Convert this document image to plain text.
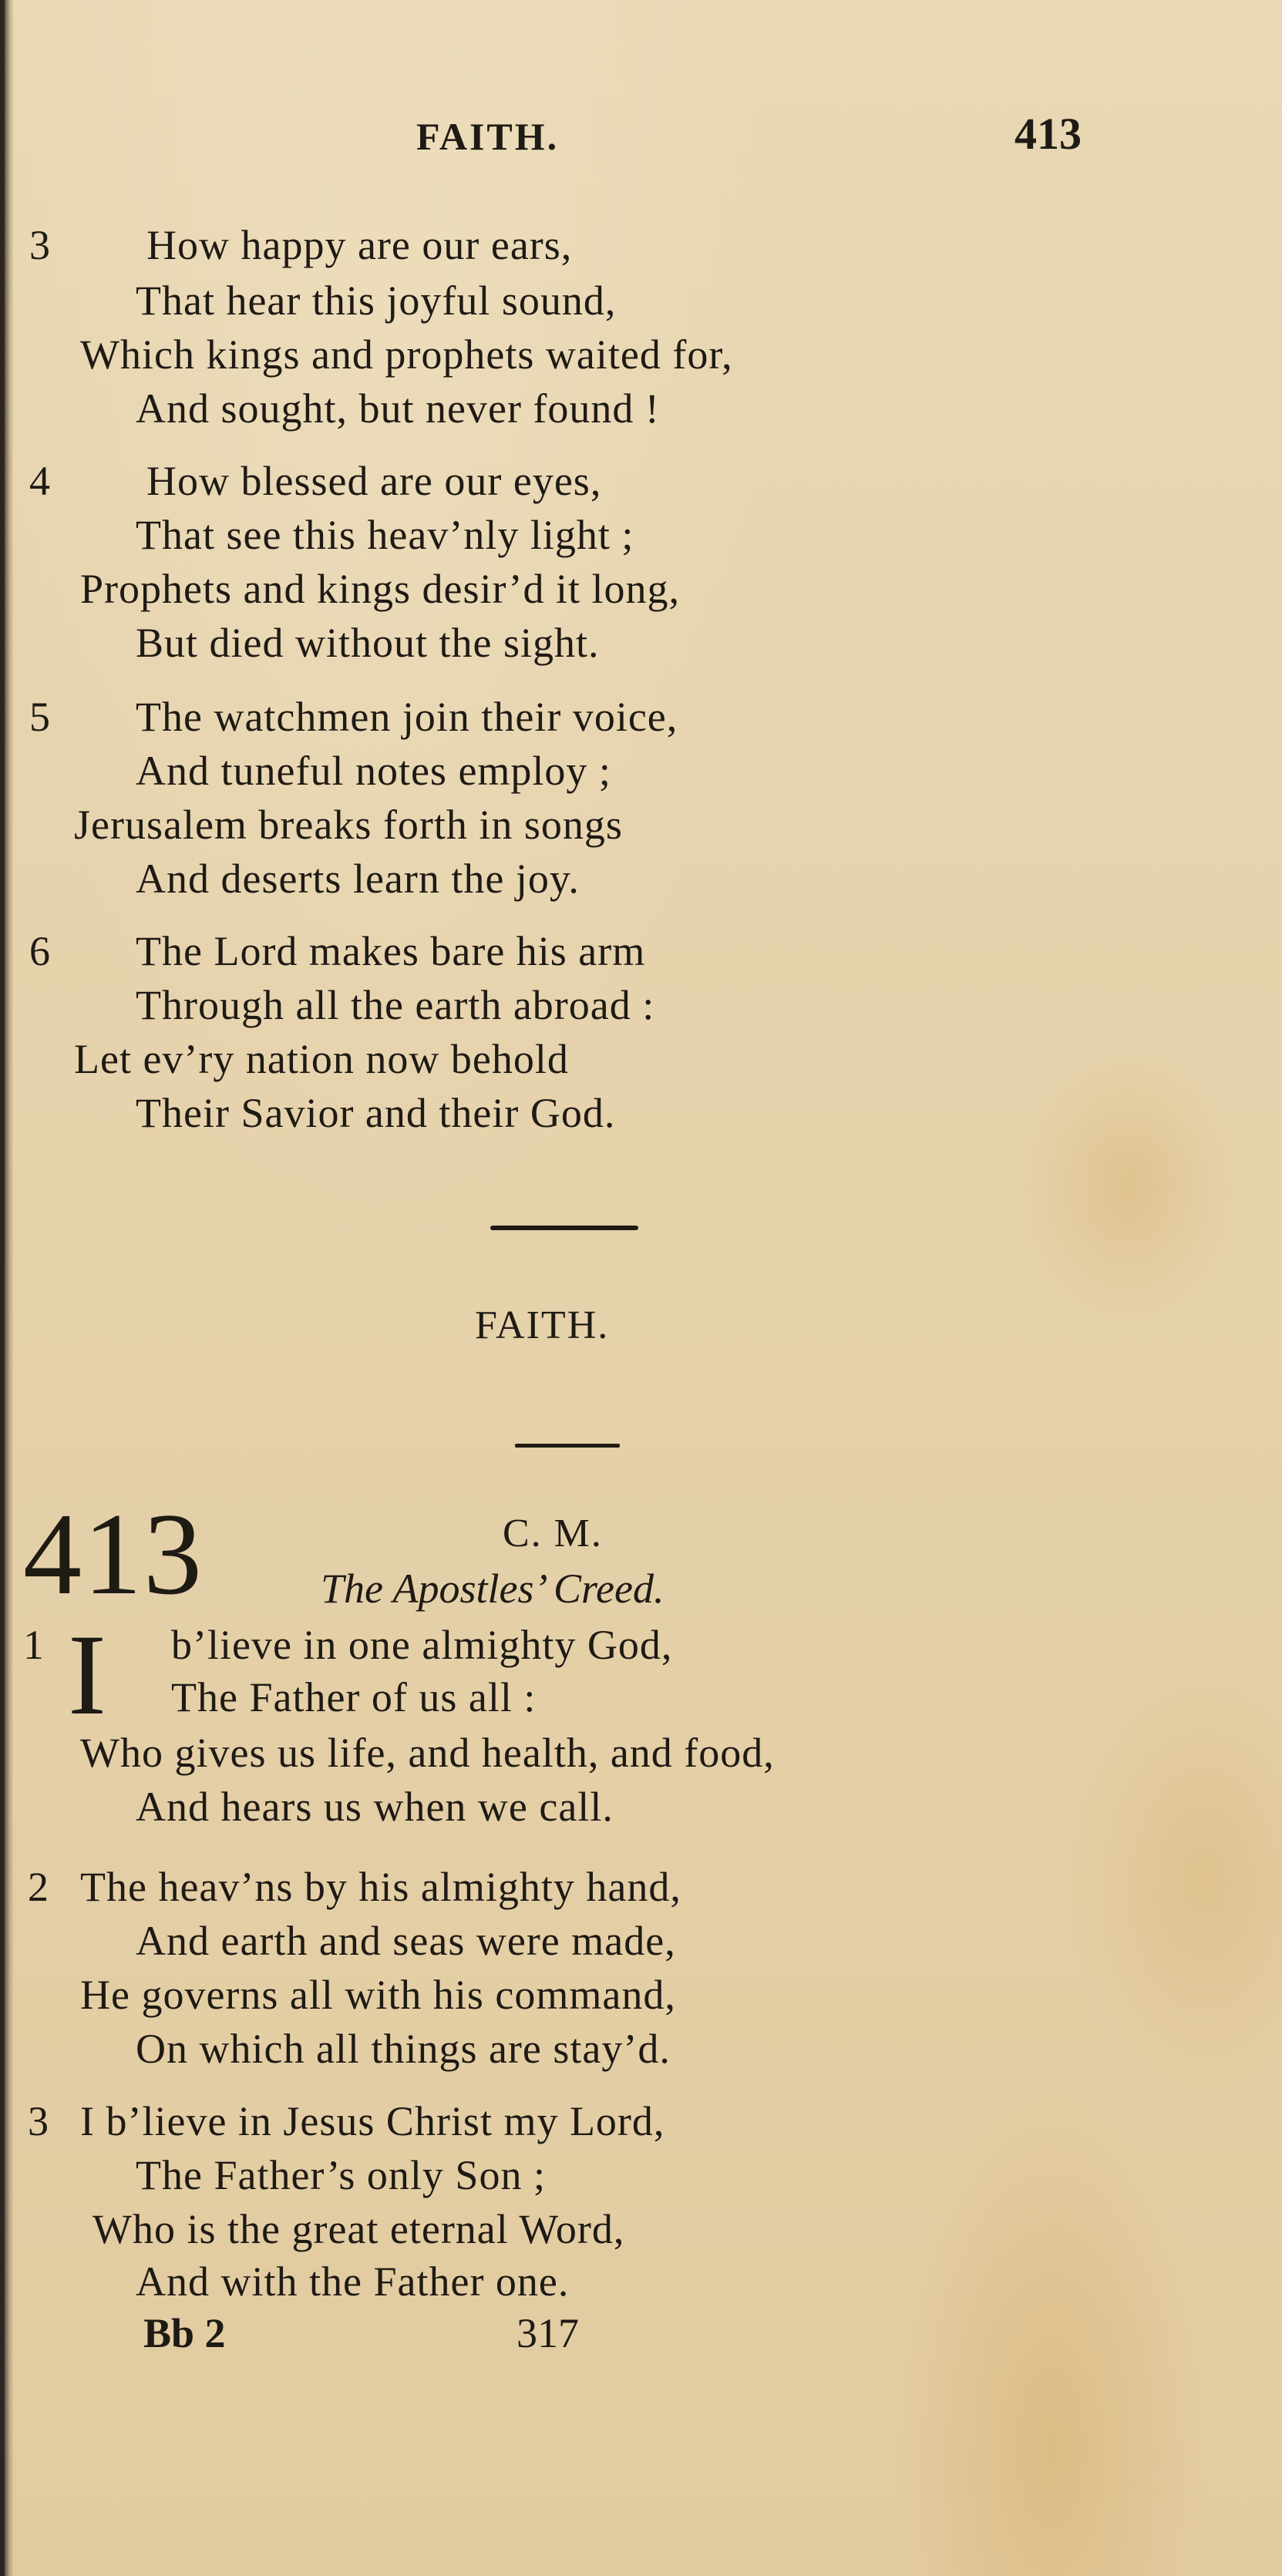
FAITH.	413
3 How happy are our ears,
That hear this joyful sound,
Which kings and prophets waited for,
And sought, but never found !
4 How blessed are our eyes,
That see this heav’nly light ;
Prophets and kings desir’d it long,
But died without the sight.
5 The watchmen join their voice,
And tuneful notes employ ;
Jerusalem breaks forth in songs
And deserts learn the joy.
6 The Lord makes bare his arm
Through all the earth abroad :
Let ev’ry nation now behold
Their Savior and their God.
FAITH.
413	C. M.
The Apostles’ Creed.
1 I b’lieve in one almighty God,
The Father of us all :
Who gives us life, and health, and food,
And hears us when we call.
2 The heav’ns by his almighty hand,
And earth and seas were made,
He governs all with his command,
On which all things are stay’d.
3 I b’lieve in Jesus Christ my Lord,
The Father’s only Son ;
Who is the great eternal Word,
And with the Father one.
Bb 2	317
